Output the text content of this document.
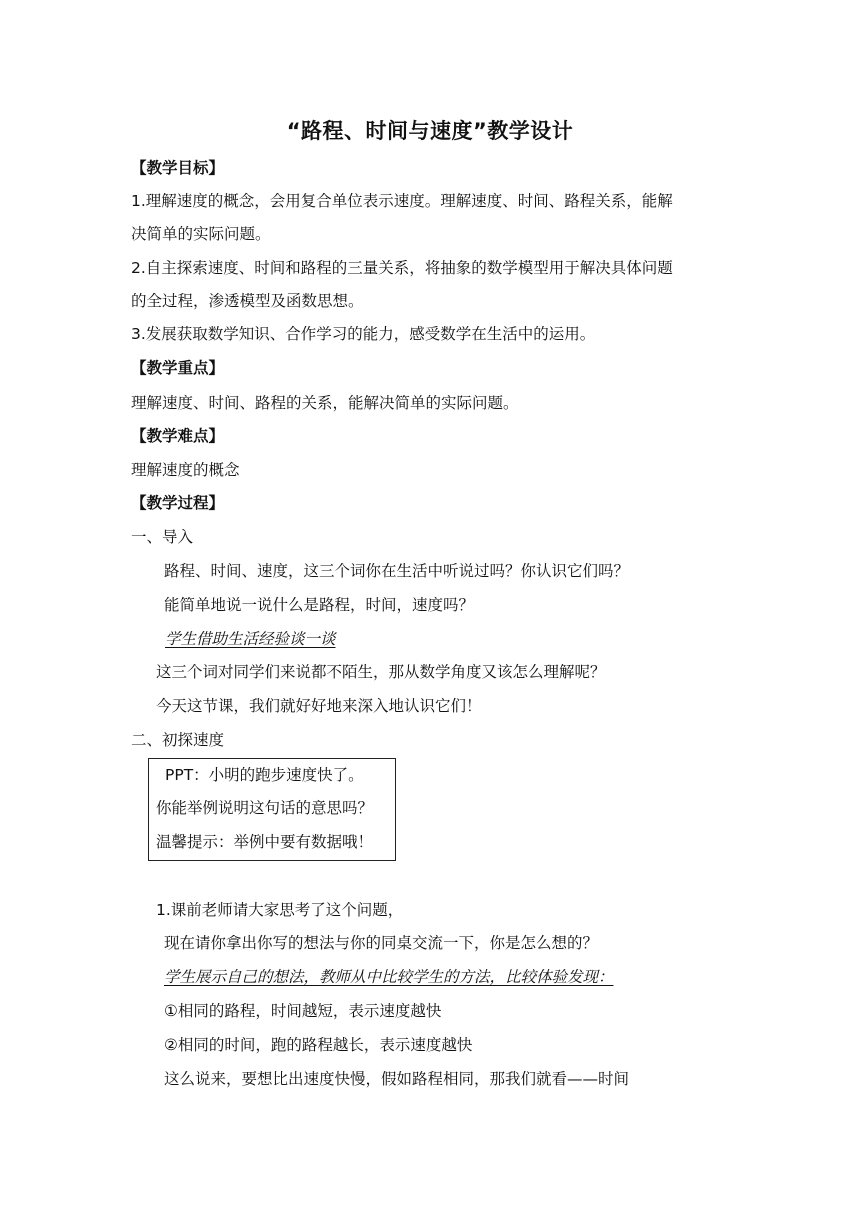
“路程、时间与速度”教学设计
【教学目标】
1.理解速度的概念，会用复合单位表示速度。理解速度、时间、路程关系，能解
决简单的实际问题。
2.自主探索速度、时间和路程的三量关系，将抽象的数学模型用于解决具体问题
的全过程，渗透模型及函数思想。
3.发展获取数学知识、合作学习的能力，感受数学在生活中的运用。
【教学重点】
理解速度、时间、路程的关系，能解决简单的实际问题。
【教学难点】
理解速度的概念
【教学过程】
一、导入
路程、时间、速度，这三个词你在生活中听说过吗？你认识它们吗？
能简单地说一说什么是路程，时间，速度吗？
学生借助生活经验谈一谈
这三个词对同学们来说都不陌生，那从数学角度又该怎么理解呢？
今天这节课，我们就好好地来深入地认识它们！
二、初探速度
PPT：小明的跑步速度快了。
你能举例说明这句话的意思吗？
温馨提示：举例中要有数据哦！
1.课前老师请大家思考了这个问题，
现在请你拿出你写的想法与你的同桌交流一下，你是怎么想的？
学生展示自己的想法，教师从中比较学生的方法，比较体验发现：
①相同的路程，时间越短，表示速度越快
②相同的时间，跑的路程越长，表示速度越快
这么说来，要想比出速度快慢，假如路程相同，那我们就看——时间
